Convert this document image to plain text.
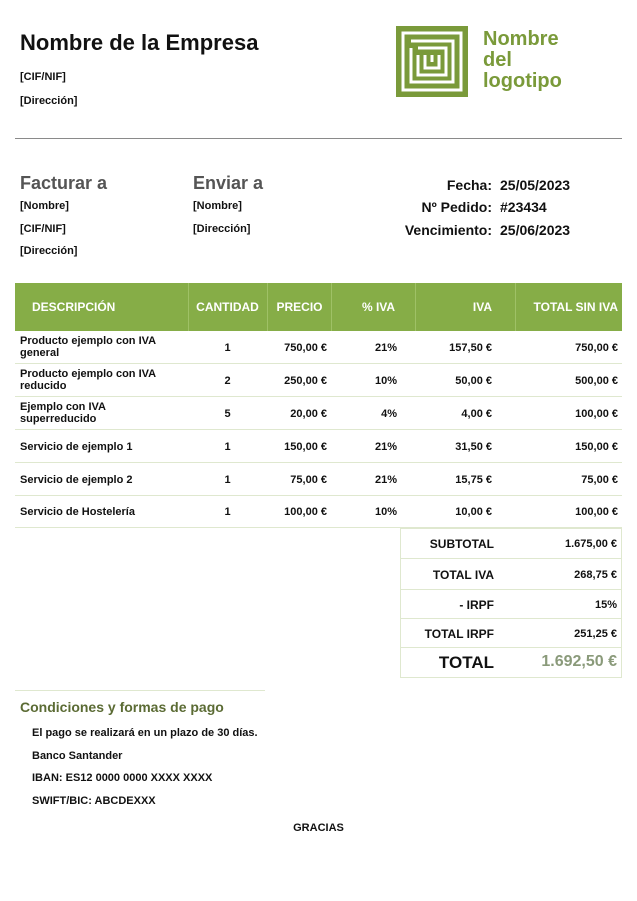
Nombre de la Empresa
[CIF/NIF]
[Dirección]
Nombre
del
logotipo
Facturar a
[Nombre]
[CIF/NIF]
[Dirección]
Enviar a
[Nombre]
[Dirección]
Fecha: 25/05/2023
Nº Pedido: #23434
Vencimiento: 25/06/2023
DESCRIPCIÓN	CANTIDAD	PRECIO	% IVA	IVA	TOTAL SIN IVA
Producto ejemplo con IVA general	1	750,00 €	21%	157,50 €	750,00 €
Producto ejemplo con IVA reducido	2	250,00 €	10%	50,00 €	500,00 €
Ejemplo con IVA superreducido	5	20,00 €	4%	4,00 €	100,00 €
Servicio de ejemplo 1	1	150,00 €	21%	31,50 €	150,00 €
Servicio de ejemplo 2	1	75,00 €	21%	15,75 €	75,00 €
Servicio de Hostelería	1	100,00 €	10%	10,00 €	100,00 €
SUBTOTAL	1.675,00 €
TOTAL IVA	268,75 €
- IRPF	15%
TOTAL IRPF	251,25 €
TOTAL	1.692,50 €
Condiciones y formas de pago
El pago se realizará en un plazo de 30 días.
Banco Santander
IBAN: ES12 0000 0000 XXXX XXXX
SWIFT/BIC: ABCDEXXX
GRACIAS
